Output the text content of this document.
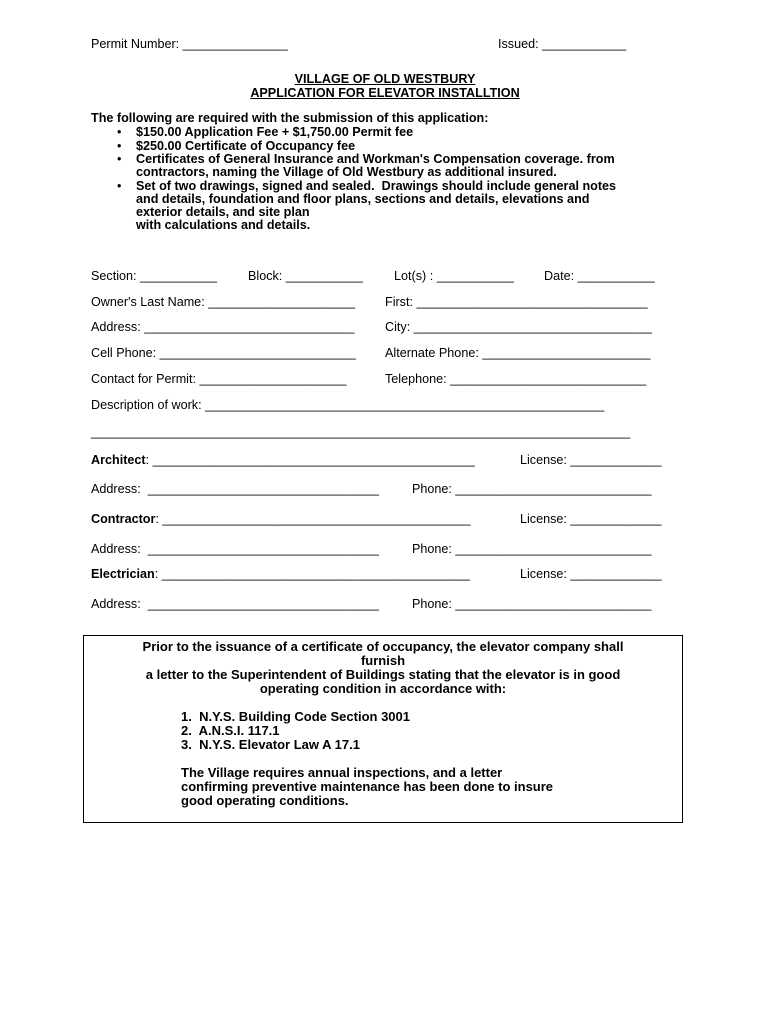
Permit Number: _______________	Issued: ____________
VILLAGE OF OLD WESTBURY
APPLICATION FOR ELEVATOR INSTALLTION
The following are required with the submission of this application:
• $150.00 Application Fee + $1,750.00 Permit fee
• $250.00 Certificate of Occupancy fee
• Certificates of General Insurance and Workman's Compensation coverage. from
contractors, naming the Village of Old Westbury as additional insured.
• Set of two drawings, signed and sealed.  Drawings should include general notes
and details, foundation and floor plans, sections and details, elevations and
exterior details, and site plan
with calculations and details.
Section: ___________ Block: ___________ Lot(s) : ___________ Date: ___________
Owner's Last Name: _____________________ First: _________________________________
Address: ______________________________ City: __________________________________
Cell Phone: ____________________________ Alternate Phone: ________________________
Contact for Permit: _____________________	Telephone: ____________________________
Description of work: _________________________________________________________
_____________________________________________________________________________
Architect: ______________________________________________	License: _____________
Address:  _________________________________	Phone: ____________________________
Contractor: ____________________________________________	License: _____________
Address:  _________________________________	Phone: ____________________________
Electrician: ____________________________________________	License: _____________
Address:  _________________________________	Phone: ____________________________
Prior to the issuance of a certificate of occupancy, the elevator company shall
furnish
a letter to the Superintendent of Buildings stating that the elevator is in good
operating condition in accordance with:
1.  N.Y.S. Building Code Section 3001
2.  A.N.S.I. 117.1
3.  N.Y.S. Elevator Law A 17.1
The Village requires annual inspections, and a letter
confirming preventive maintenance has been done to insure
good operating conditions.
